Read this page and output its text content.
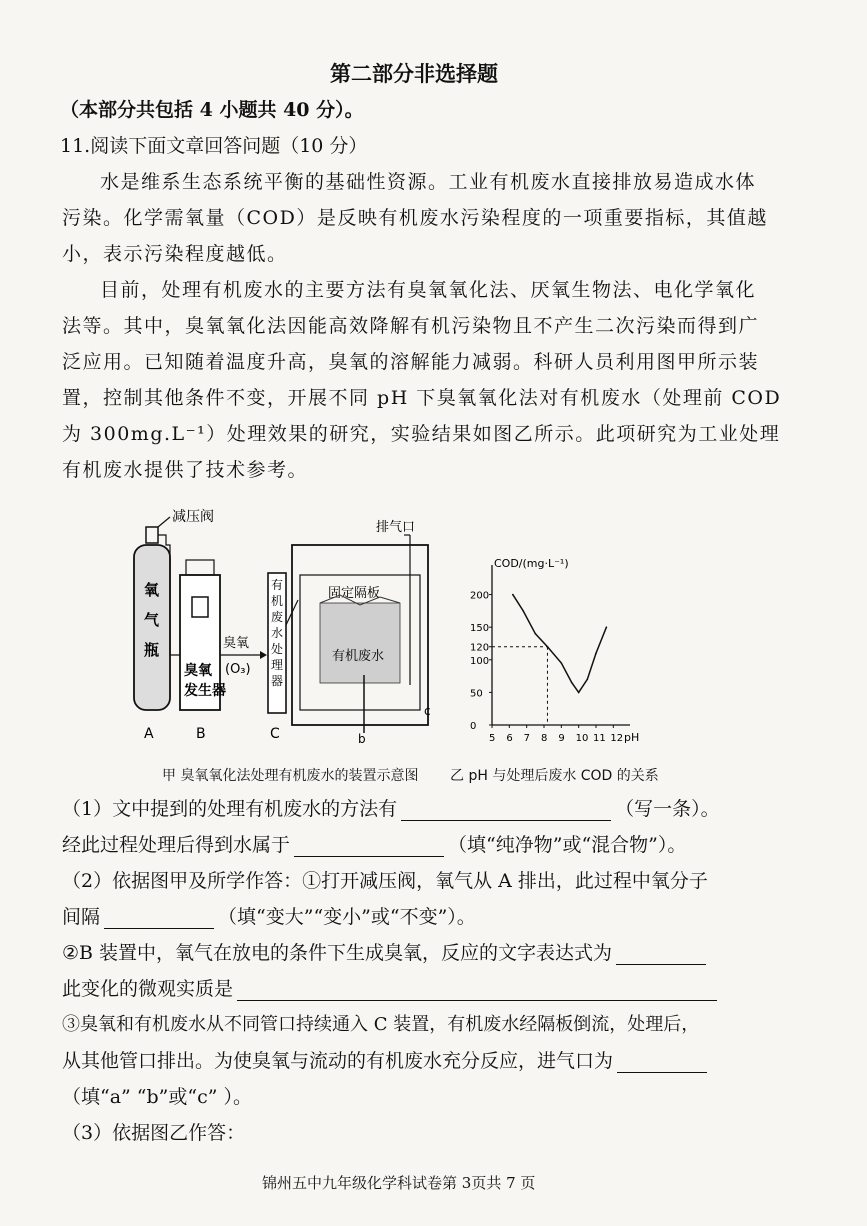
第二部分非选择题
（本部分共包括 4 小题共 40 分）。
11.阅读下面文章回答问题（10 分）
水是维系生态系统平衡的基础性资源。工业有机废水直接排放易造成水体
污染。化学需氧量（COD）是反映有机废水污染程度的一项重要指标，其值越
小，表示污染程度越低。
目前，处理有机废水的主要方法有臭氧氧化法、厌氧生物法、电化学氧化
法等。其中，臭氧氧化法因能高效降解有机污染物且不产生二次污染而得到广
泛应用。已知随着温度升高，臭氧的溶解能力减弱。科研人员利用图甲所示装
置，控制其他条件不变，开展不同 pH 下臭氧氧化法对有机废水（处理前 COD
为 300mg.L⁻¹）处理效果的研究，实验结果如图乙所示。此项研究为工业处理
有机废水提供了技术参考。
减压阀
氧
气
瓶
A
臭氧
发生器
B
臭氧
(O₃)
有
机
废
水
处
理
器
C
排气口
固定隔板
有机废水
b
c
COD/(mg·L⁻¹)
pH
5 6 7 8 9 10 11 12
0
50
100
120
150
200
甲 臭氧氧化法处理有机废水的装置示意图 乙 pH 与处理后废水 COD 的关系
（1）文中提到的处理有机废水的方法有	（写一条）。
经此过程处理后得到水属于	（填“纯净物”或“混合物”）。
（2）依据图甲及所学作答：①打开减压阀，氧气从 A 排出，此过程中氧分子
间隔	（填“变大”“变小”或“不变”）。
②B 装置中，氧气在放电的条件下生成臭氧，反应的文字表达式为
此变化的微观实质是
③臭氧和有机废水从不同管口持续通入 C 装置，有机废水经隔板倒流，处理后，
从其他管口排出。为使臭氧与流动的有机废水充分反应，进气口为
（填“a” “b”或“c” ）。
（3）依据图乙作答：
锦州五中九年级化学科试卷第 3页共 7 页
